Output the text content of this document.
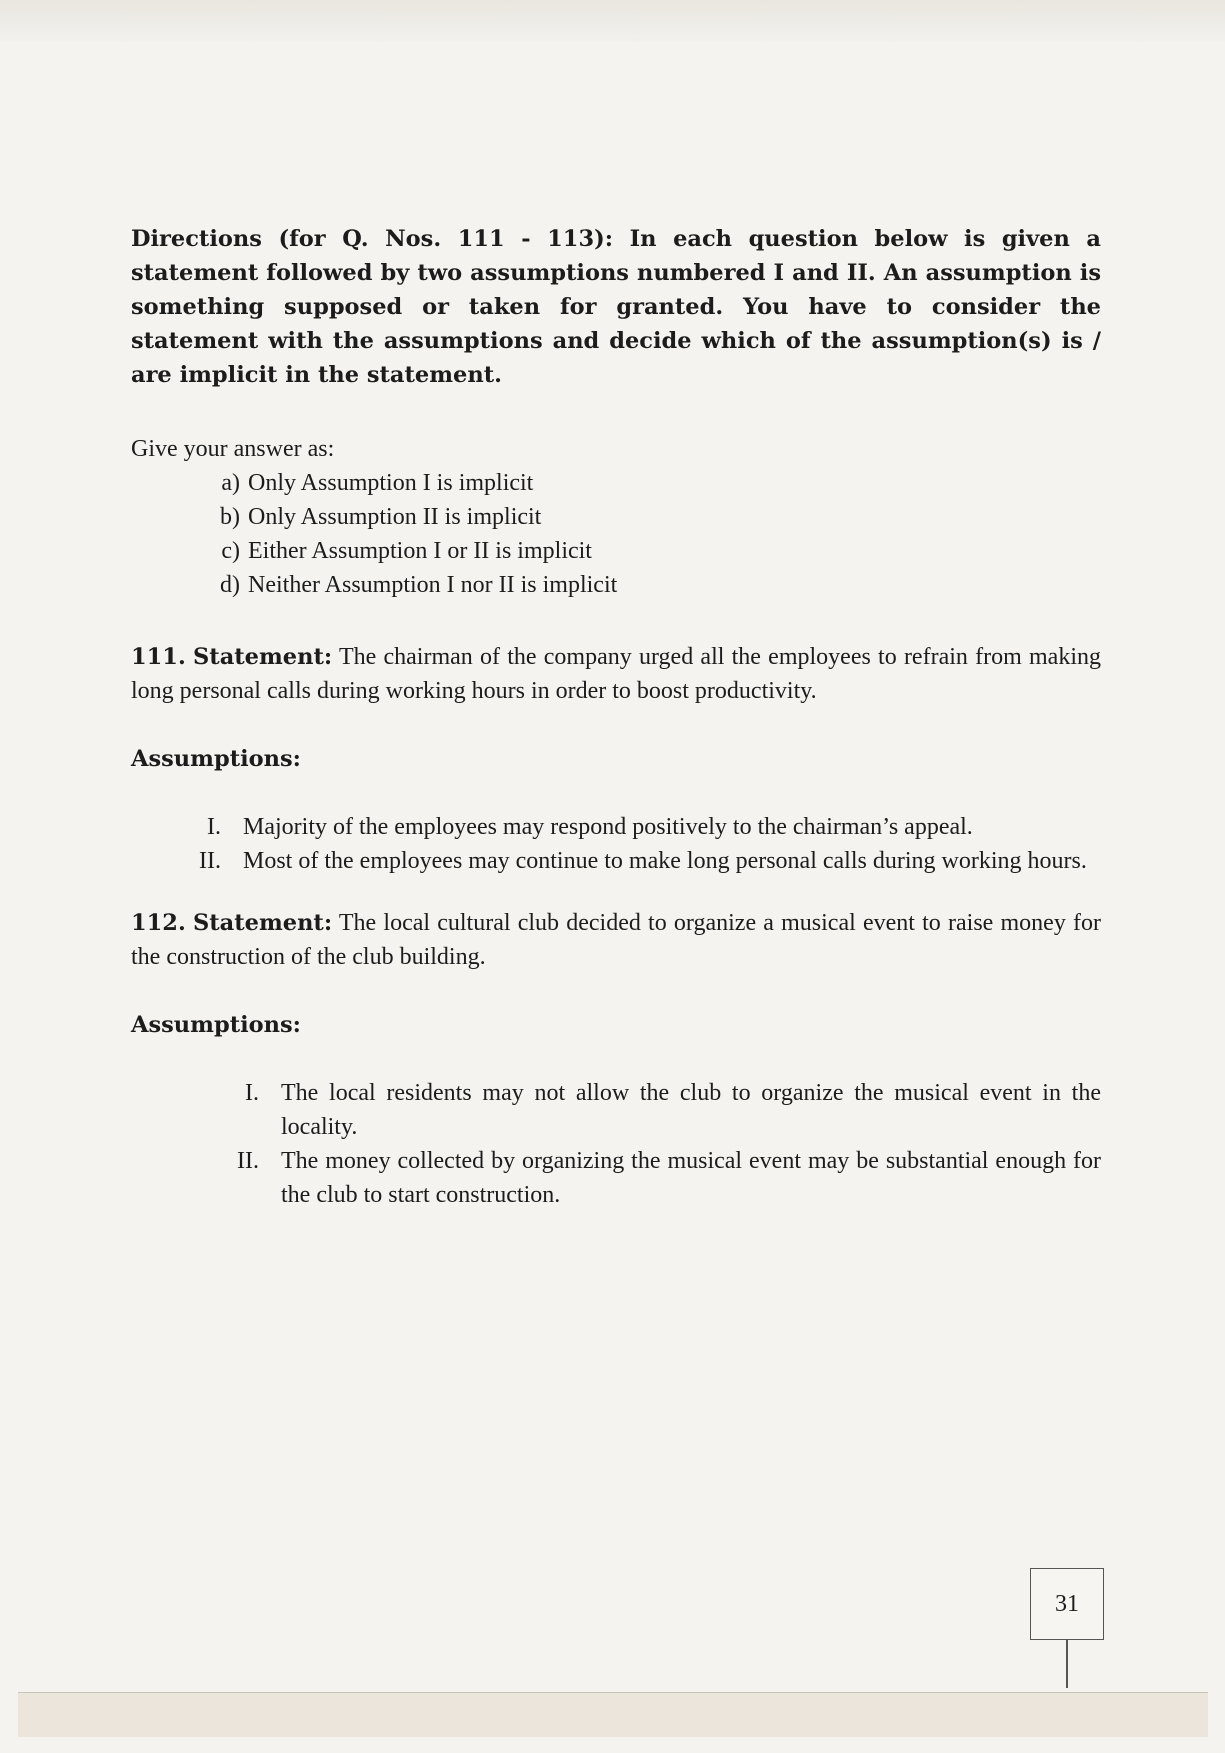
Directions (for Q. Nos. 111 - 113): In each question below is given a statement followed by two assumptions numbered I and II. An assumption is something supposed or taken for granted. You have to consider the statement with the assumptions and decide which of the assumption(s) is / are implicit in the statement.

Give your answer as:

a) Only Assumption I is implicit
b) Only Assumption II is implicit
c) Either Assumption I or II is implicit
d) Neither Assumption I nor II is implicit

111. Statement: The chairman of the company urged all the employees to refrain from making long personal calls during working hours in order to boost productivity.

Assumptions:

I. Majority of the employees may respond positively to the chairman’s appeal.
II. Most of the employees may continue to make long personal calls during working hours.

112. Statement: The local cultural club decided to organize a musical event to raise money for the construction of the club building.

Assumptions:

I. The local residents may not allow the club to organize the musical event in the locality.
II. The money collected by organizing the musical event may be substantial enough for the club to start construction.
31
